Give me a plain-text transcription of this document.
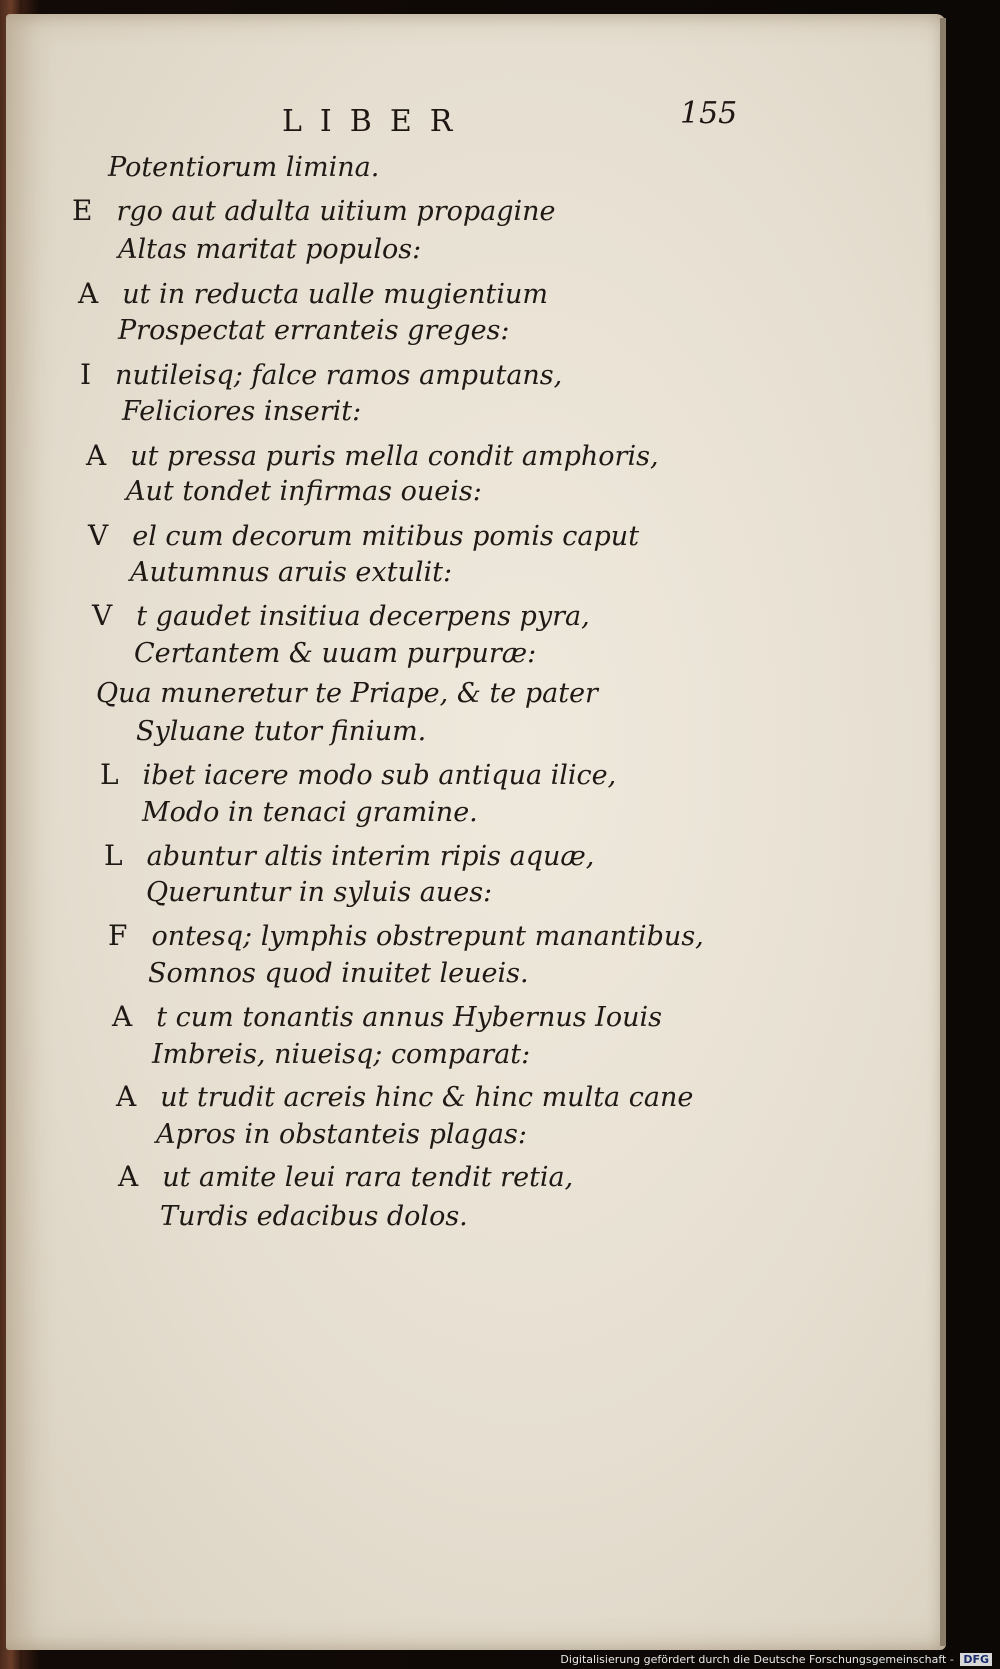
LIBER	155
Potentiorum limina.
E rgo aut adulta uitium propagine
Altas maritat populos:
A ut in reducta ualle mugientium
Prospectat erranteis greges:
I nutileisq; falce ramos amputans,
Feliciores inserit:
A ut pressa puris mella condit amphoris,
Aut tondet infirmas oueis:
V el cum decorum mitibus pomis caput
Autumnus aruis extulit:
V t gaudet insitiua decerpens pyra,
Certantem & uuam purpuræ:
Qua muneretur te Priape, & te pater
Syluane tutor finium.
L ibet iacere modo sub antiqua ilice,
Modo in tenaci gramine.
L abuntur altis interim ripis aquæ,
Queruntur in syluis aues:
F ontesq; lymphis obstrepunt manantibus,
Somnos quod inuitet leueis.
A t cum tonantis annus Hybernus Iouis
Imbreis, niueisq; comparat:
A ut trudit acreis hinc & hinc multa cane
Apros in obstanteis plagas:
A ut amite leui rara tendit retia,
Turdis edacibus dolos.
Digitalisierung gefördert durch die Deutsche Forschungsgemeinschaft - DFG
